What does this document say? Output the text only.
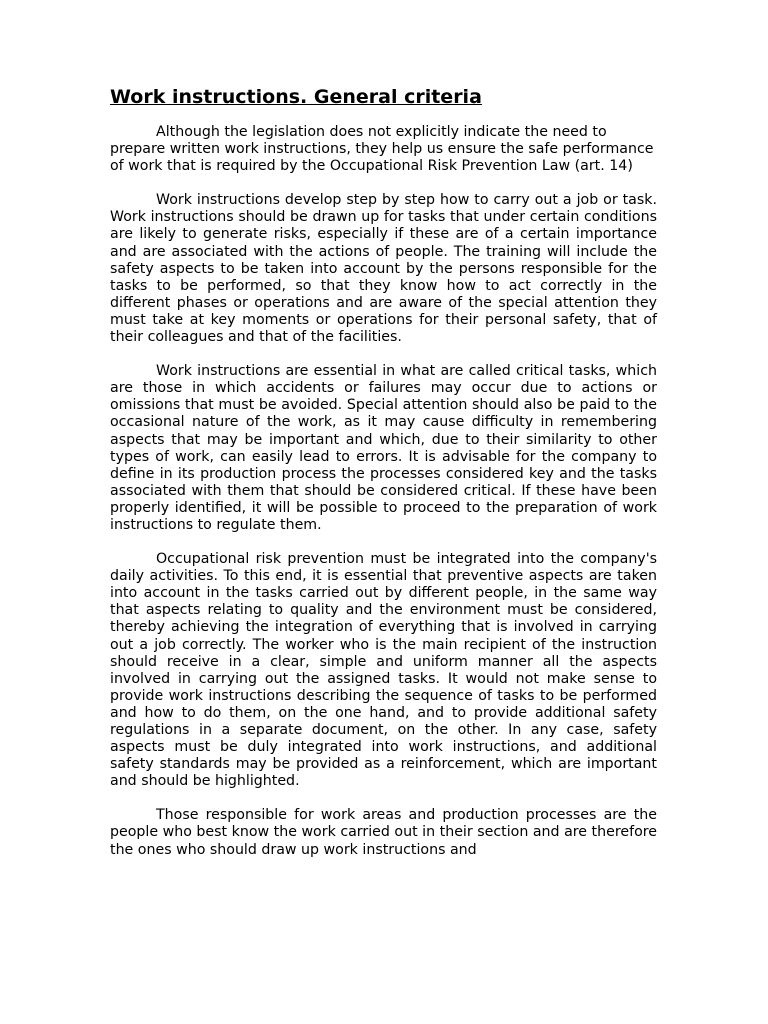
Work instructions. General criteria

Although the legislation does not explicitly indicate the need to prepare written work instructions, they help us ensure the safe performance of work that is required by the Occupational Risk Prevention Law (art. 14)

Work instructions develop step by step how to carry out a job or task. Work instructions should be drawn up for tasks that under certain conditions are likely to generate risks, especially if these are of a certain importance and are associated with the actions of people. The training will include the safety aspects to be taken into account by the persons responsible for the tasks to be performed, so that they know how to act correctly in the different phases or operations and are aware of the special attention they must take at key moments or operations for their personal safety, that of their colleagues and that of the facilities.

Work instructions are essential in what are called critical tasks, which are those in which accidents or failures may occur due to actions or omissions that must be avoided. Special attention should also be paid to the occasional nature of the work, as it may cause difficulty in remembering aspects that may be important and which, due to their similarity to other types of work, can easily lead to errors. It is advisable for the company to define in its production process the processes considered key and the tasks associated with them that should be considered critical. If these have been properly identified, it will be possible to proceed to the preparation of work instructions to regulate them.

Occupational risk prevention must be integrated into the company's daily activities. To this end, it is essential that preventive aspects are taken into account in the tasks carried out by different people, in the same way that aspects relating to quality and the environment must be considered, thereby achieving the integration of everything that is involved in carrying out a job correctly. The worker who is the main recipient of the instruction should receive in a clear, simple and uniform manner all the aspects involved in carrying out the assigned tasks. It would not make sense to provide work instructions describing the sequence of tasks to be performed and how to do them, on the one hand, and to provide additional safety regulations in a separate document, on the other. In any case, safety aspects must be duly integrated into work instructions, and additional safety standards may be provided as a reinforcement, which are important and should be highlighted.

Those responsible for work areas and production processes are the people who best know the work carried out in their section and are therefore the ones who should draw up work instructions and
